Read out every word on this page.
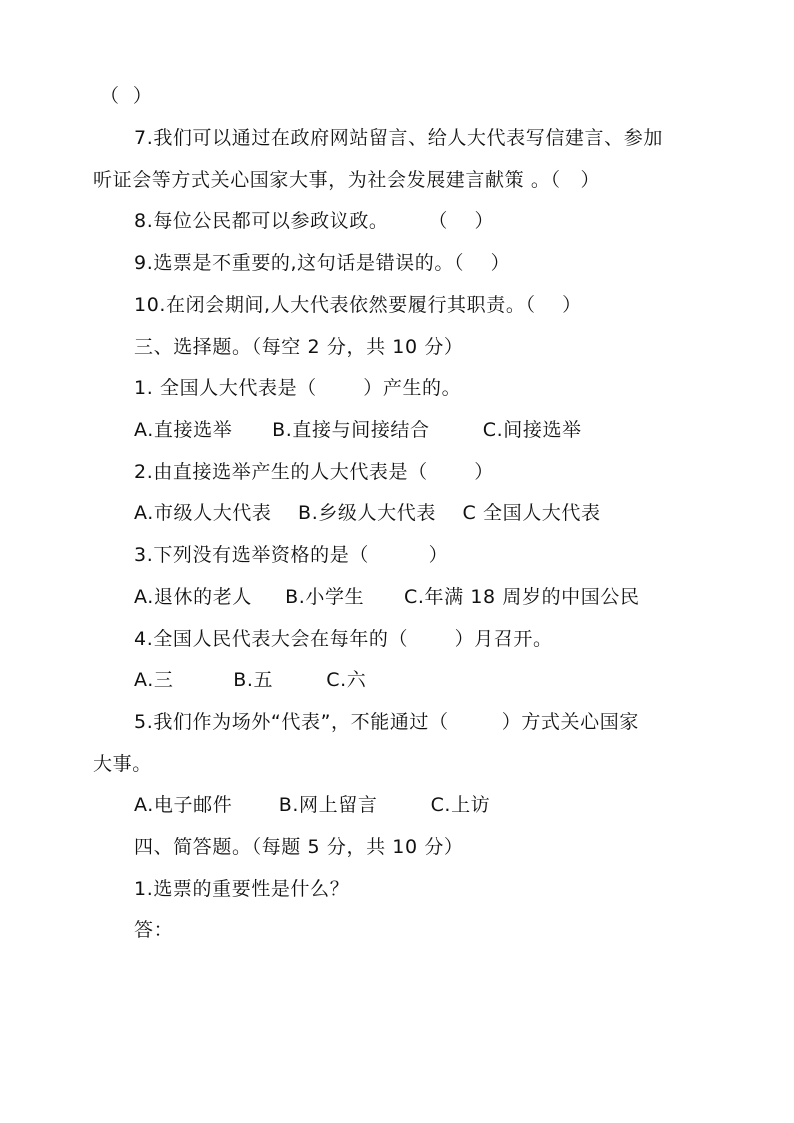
（  ）
7.我们可以通过在政府网站留言、给人大代表写信建言、参加
听证会等方式关心国家大事，为社会发展建言献策 。（   ）
8.每位公民都可以参政议政。      （    ）
9.选票是不重要的,这句话是错误的。（    ）
10.在闭会期间,人大代表依然要履行其职责。（    ）
三、选择题。（每空 2 分，共 10 分）
1. 全国人大代表是（       ）产生的。
A.直接选举      B.直接与间接结合        C.间接选举
2.由直接选举产生的人大代表是（       ）
A.市级人大代表    B.乡级人大代表    C 全国人大代表
3.下列没有选举资格的是（         ）
A.退休的老人     B.小学生      C.年满 18 周岁的中国公民
4.全国人民代表大会在每年的（       ）月召开。
A.三         B.五        C.六
5.我们作为场外“代表”，不能通过（        ）方式关心国家
大事。
A.电子邮件       B.网上留言        C.上访
四、简答题。（每题 5 分，共 10 分）
1.选票的重要性是什么？
答：
